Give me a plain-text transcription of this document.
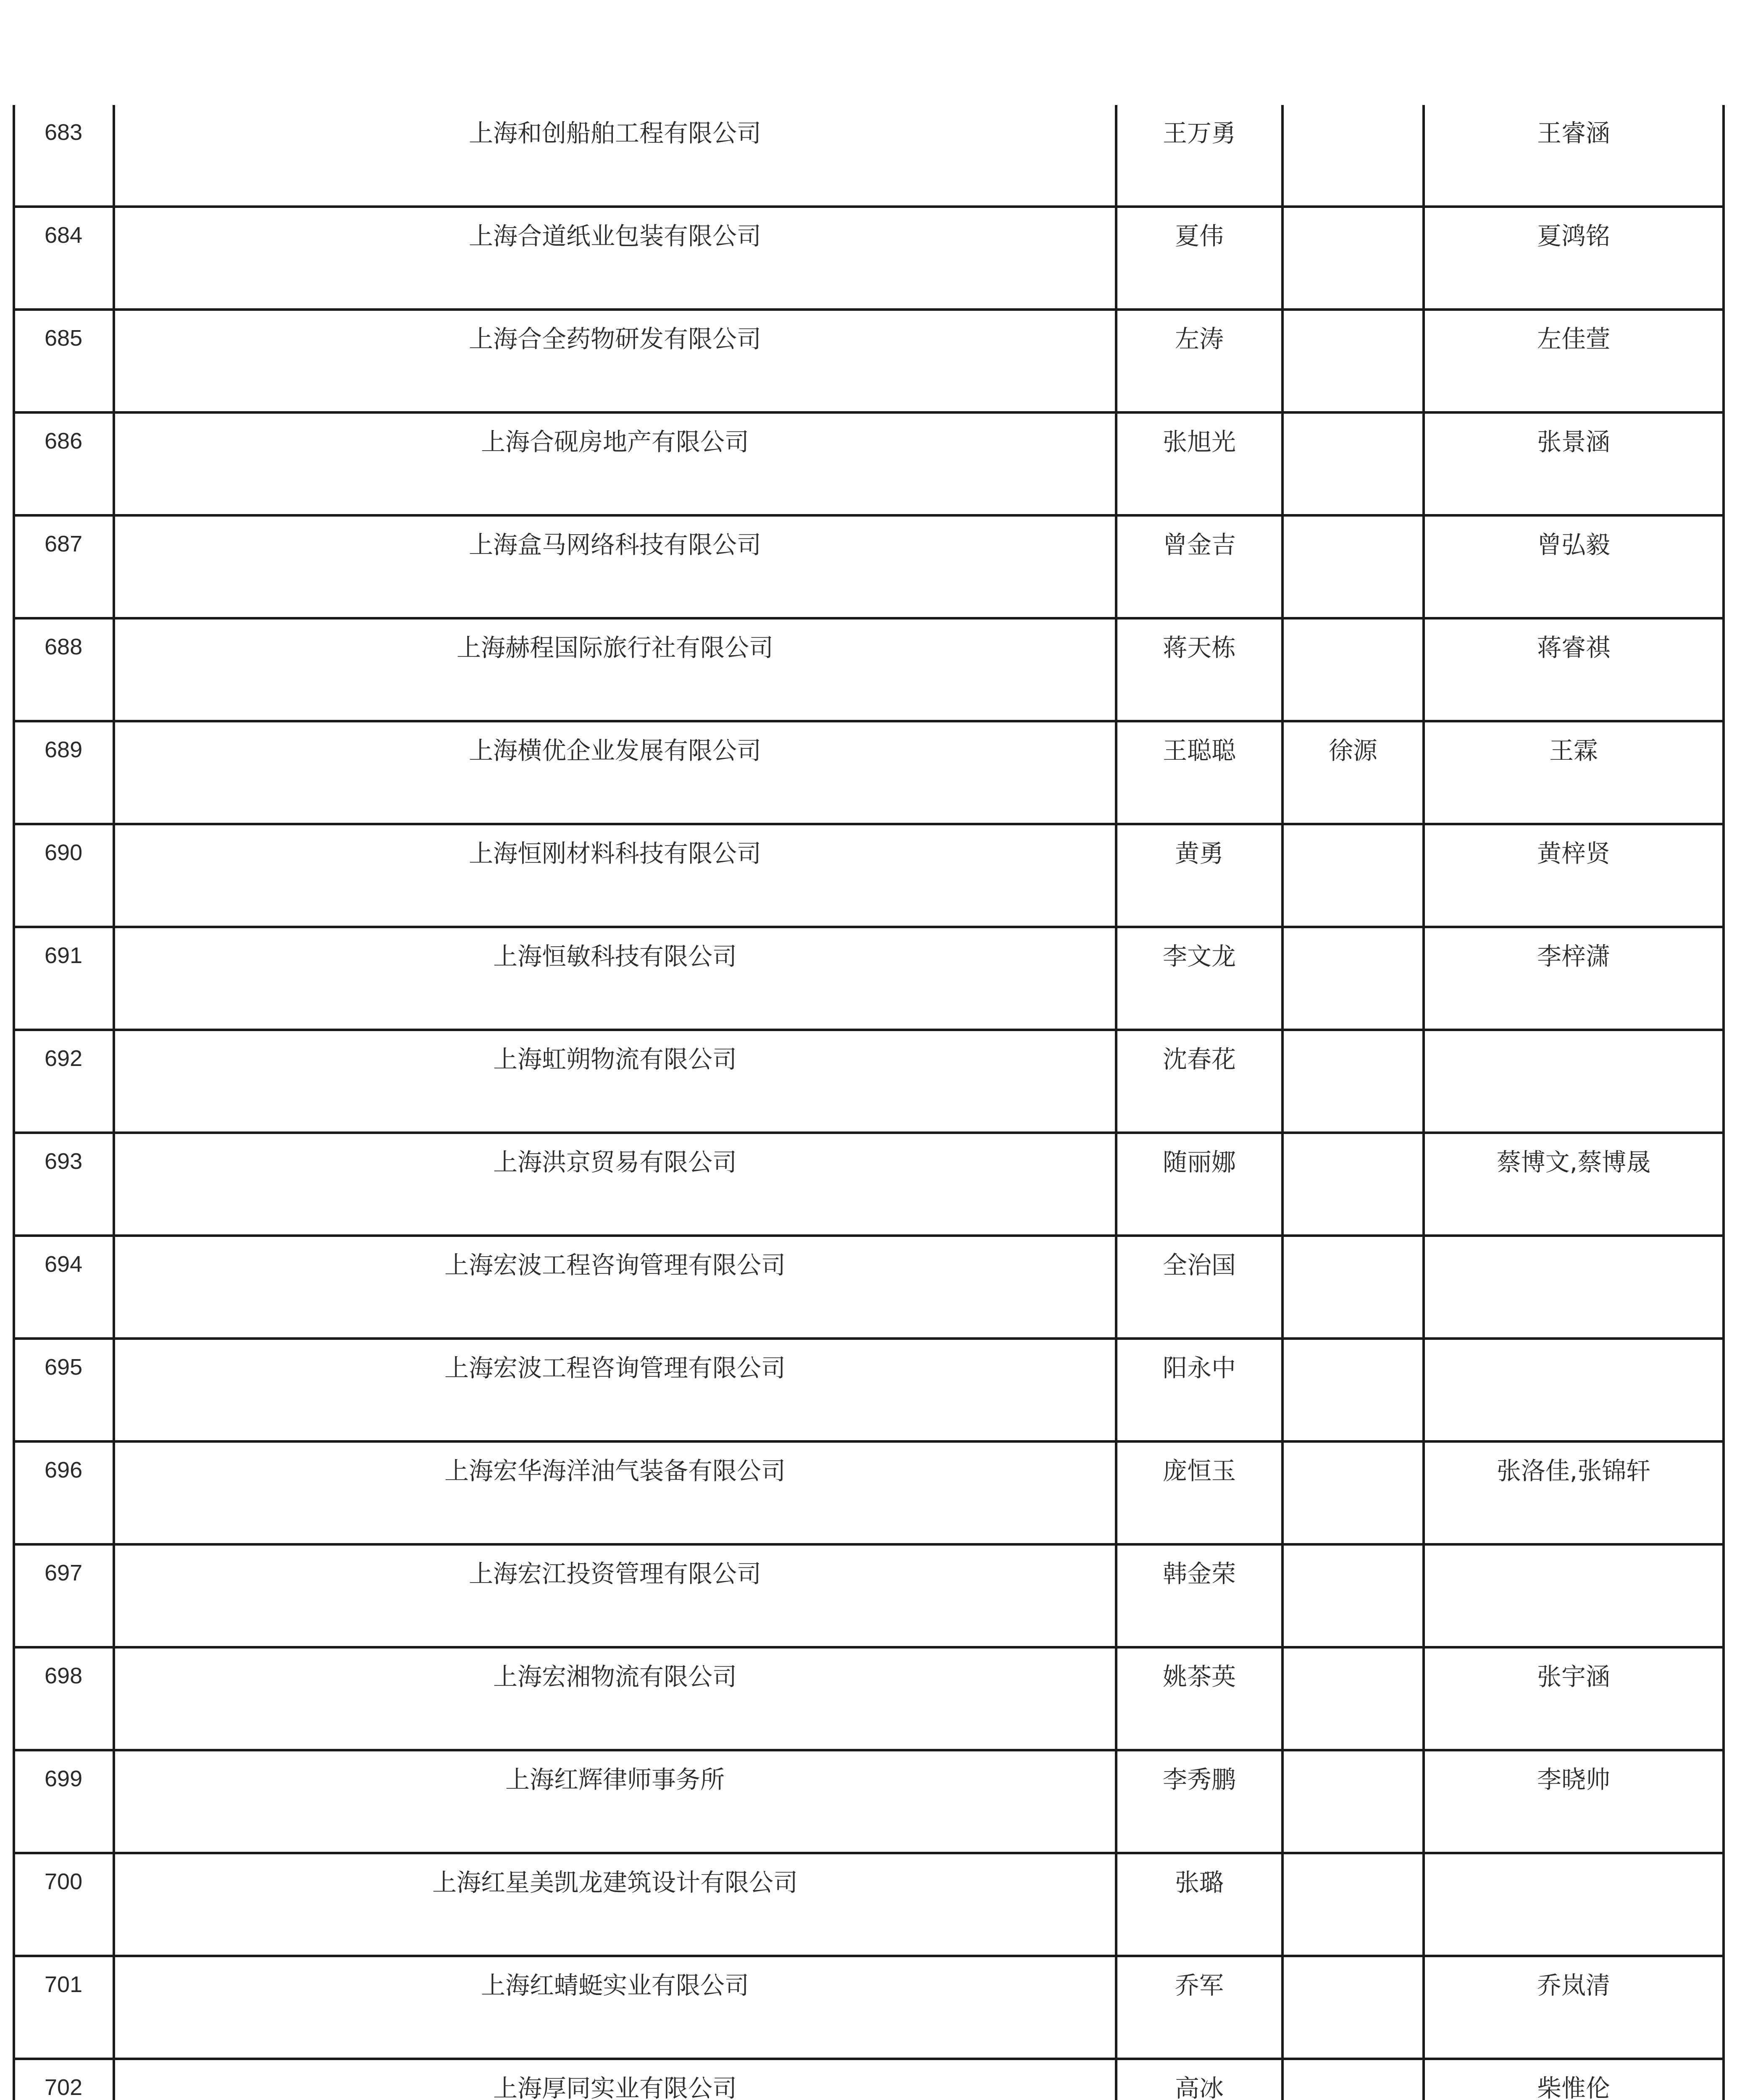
683	上海和创船舶工程有限公司	王万勇		王睿涵

684	上海合道纸业包装有限公司	夏伟		夏鸿铭

685	上海合全药物研发有限公司	左涛		左佳萱

686	上海合砚房地产有限公司	张旭光		张景涵

687	上海盒马网络科技有限公司	曾金吉		曾弘毅

688	上海赫程国际旅行社有限公司	蒋天栋		蒋睿祺

689	上海横优企业发展有限公司	王聪聪	徐源	王霖

690	上海恒刚材料科技有限公司	黄勇		黄梓贤

691	上海恒敏科技有限公司	李文龙		李梓潇

692	上海虹朔物流有限公司	沈春花		

693	上海洪京贸易有限公司	随丽娜		蔡博文,蔡博晟

694	上海宏波工程咨询管理有限公司	全治国		

695	上海宏波工程咨询管理有限公司	阳永中		

696	上海宏华海洋油气装备有限公司	庞恒玉		张洛佳,张锦轩

697	上海宏江投资管理有限公司	韩金荣		

698	上海宏湘物流有限公司	姚茶英		张宇涵

699	上海红辉律师事务所	李秀鹏		李晓帅

700	上海红星美凯龙建筑设计有限公司	张璐		

701	上海红蜻蜓实业有限公司	乔军		乔岚清

702	上海厚同实业有限公司	高冰		柴惟伦
